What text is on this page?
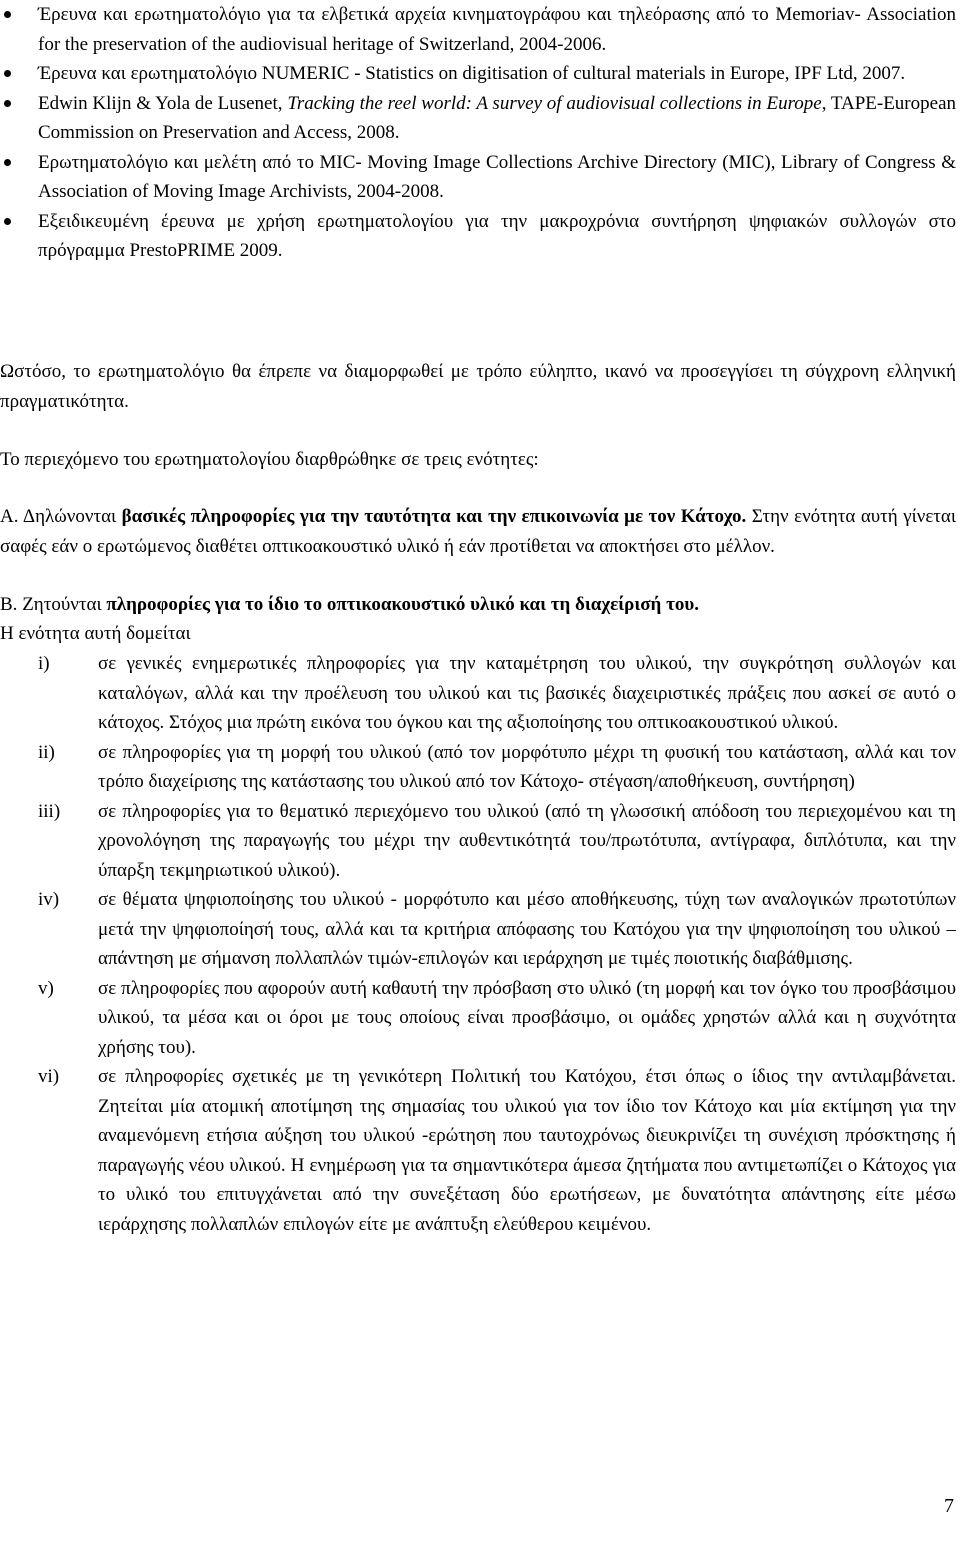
Έρευνα και ερωτηματολόγιο για τα ελβετικά αρχεία κινηματογράφου και τηλεόρασης από το Memoriav- Association for the preservation of the audiovisual heritage of Switzerland, 2004-2006.
Έρευνα και ερωτηματολόγιο NUMERIC - Statistics on digitisation of cultural materials in Europe, IPF Ltd, 2007.
Edwin Klijn & Yola de Lusenet, Tracking the reel world: A survey of audiovisual collections in Europe, TAPE-European Commission on Preservation and Access, 2008.
Ερωτηματολόγιο και μελέτη από το MIC- Moving Image Collections Archive Directory (MIC), Library of Congress & Association of Moving Image Archivists, 2004-2008.
Εξειδικευμένη έρευνα με χρήση ερωτηματολογίου για την μακροχρόνια συντήρηση ψηφιακών συλλογών στο πρόγραμμα PrestoPRIME 2009.

Ωστόσο, το ερωτηματολόγιο θα έπρεπε να διαμορφωθεί με τρόπο εύληπτο, ικανό να προσεγγίσει τη σύγχρονη ελληνική πραγματικότητα.

Το περιεχόμενο του ερωτηματολογίου διαρθρώθηκε σε τρεις ενότητες:

Α. Δηλώνονται βασικές πληροφορίες για την ταυτότητα και την επικοινωνία με τον Κάτοχο. Στην ενότητα αυτή γίνεται σαφές εάν ο ερωτώμενος διαθέτει οπτικοακουστικό υλικό ή εάν προτίθεται να αποκτήσει στο μέλλον.

Β. Ζητούνται πληροφορίες για το ίδιο το οπτικοακουστικό υλικό και τη διαχείρισή του.

Η ενότητα αυτή δομείται

i)	σε γενικές ενημερωτικές πληροφορίες για την καταμέτρηση του υλικού, την συγκρότηση συλλογών και καταλόγων, αλλά και την προέλευση του υλικού και τις βασικές διαχειριστικές πράξεις που ασκεί σε αυτό ο κάτοχος. Στόχος μια πρώτη εικόνα του όγκου και της αξιοποίησης του οπτικοακουστικού υλικού.
ii) σε πληροφορίες για τη μορφή του υλικού (από τον μορφότυπο μέχρι τη φυσική του κατάσταση, αλλά και τον τρόπο διαχείρισης της κατάστασης του υλικού από τον Κάτοχο- στέγαση/αποθήκευση, συντήρηση)
iii) σε πληροφορίες για το θεματικό περιεχόμενο του υλικού (από τη γλωσσική απόδοση του περιεχομένου και τη χρονολόγηση της παραγωγής του μέχρι την αυθεντικότητά του/πρωτότυπα, αντίγραφα, διπλότυπα, και την ύπαρξη τεκμηριωτικού υλικού).
iv) σε θέματα ψηφιοποίησης του υλικού - μορφότυπο και μέσο αποθήκευσης, τύχη των αναλογικών πρωτοτύπων μετά την ψηφιοποίησή τους, αλλά και τα κριτήρια απόφασης του Κατόχου για την ψηφιοποίηση του υλικού –απάντηση με σήμανση πολλαπλών τιμών-επιλογών και ιεράρχηση με τιμές ποιοτικής διαβάθμισης.
v) σε πληροφορίες που αφορούν αυτή καθαυτή την πρόσβαση στο υλικό (τη μορφή και τον όγκο του προσβάσιμου υλικού, τα μέσα και οι όροι με τους οποίους είναι προσβάσιμο, οι ομάδες χρηστών αλλά και η συχνότητα χρήσης του).
vi) σε πληροφορίες σχετικές με τη γενικότερη Πολιτική του Κατόχου, έτσι όπως ο ίδιος την αντιλαμβάνεται. Ζητείται μία ατομική αποτίμηση της σημασίας του υλικού για τον ίδιο τον Κάτοχο και μία εκτίμηση για την αναμενόμενη ετήσια αύξηση του υλικού -ερώτηση που ταυτοχρόνως διευκρινίζει τη συνέχιση πρόσκτησης ή παραγωγής νέου υλικού. Η ενημέρωση για τα σημαντικότερα άμεσα ζητήματα που αντιμετωπίζει ο Κάτοχος για το υλικό του επιτυγχάνεται από την συνεξέταση δύο ερωτήσεων, με δυνατότητα απάντησης είτε μέσω ιεράρχησης πολλαπλών επιλογών είτε με ανάπτυξη ελεύθερου κειμένου.
7
